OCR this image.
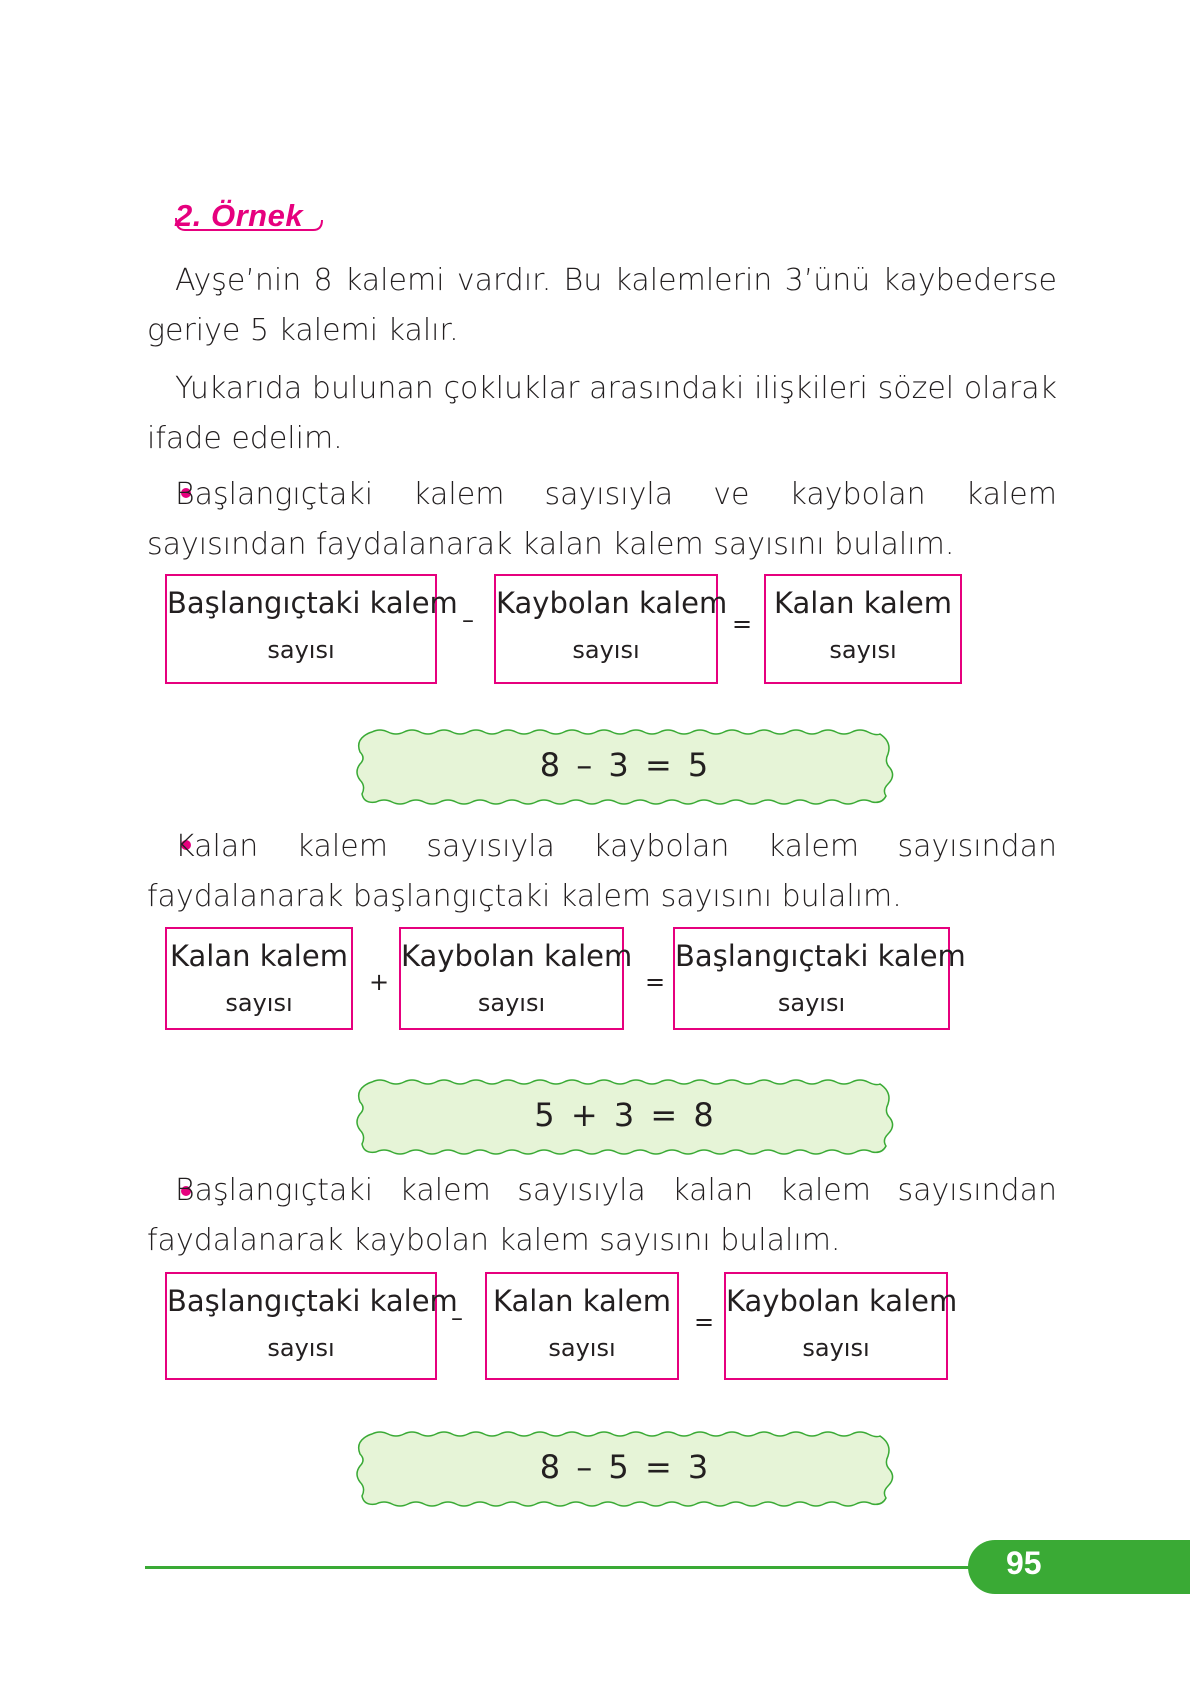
2. Örnek

Ayşe’nin 8 kalemi vardır. Bu kalemlerin 3’ünü kaybederse geriye 5 kalemi kalır.

Yukarıda bulunan çokluklar arasındaki ilişkileri sözel olarak ifade edelim.

Başlangıçtaki kalem sayısıyla ve kaybolan kalem sayısından faydalanarak kalan kalem sayısını bulalım.

Başlangıçtaki kalem
sayısı
– Kaybolan kalem
sayısı
=
Kalan kalem
sayısı
8 – 3 = 5

Kalan kalem sayısıyla kaybolan kalem sayısından faydalanarak başlangıçtaki kalem sayısını bulalım.

Kalan kalem
sayısı
+
Kaybolan kalem
sayısı
=
Başlangıçtaki kalem
sayısı
5 + 3 = 8

Başlangıçtaki kalem sayısıyla kalan kalem sayısından faydalanarak kaybolan kalem sayısını bulalım.

Başlangıçtaki kalem
sayısı
– Kalan kalem
sayısı
=
Kaybolan kalem
sayısı
8 – 5 = 3
95
